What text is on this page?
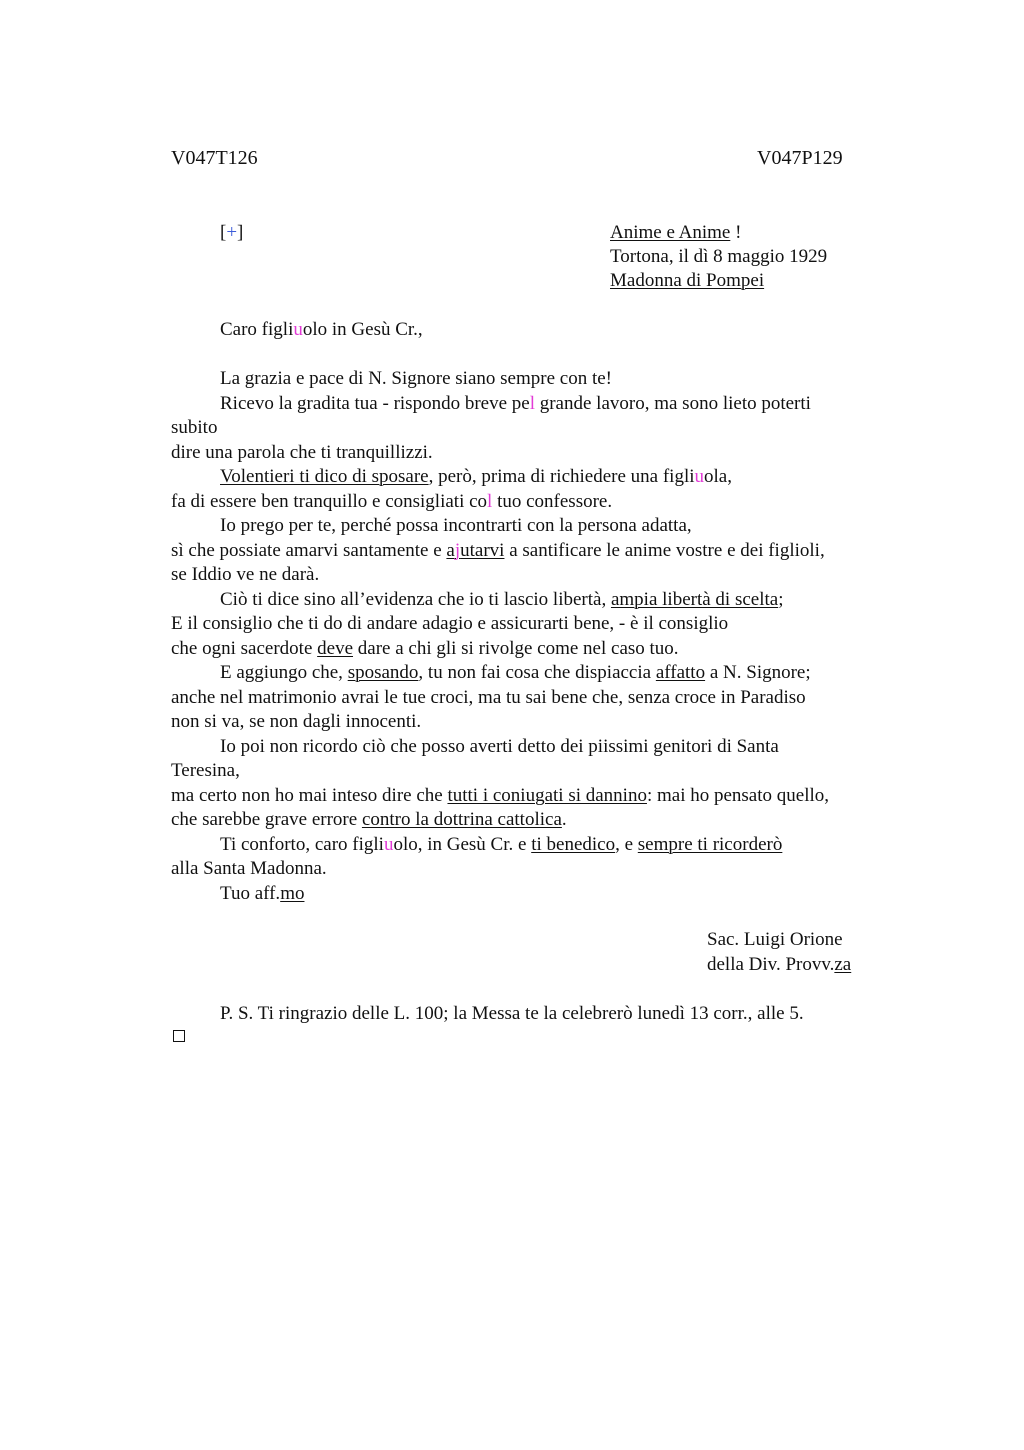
V047T126	V047P129
[+]	Anime e Anime !
Tortona, il dì 8 maggio 1929
Madonna di Pompei
Caro figliuolo in Gesù Cr.,
La grazia e pace di N. Signore siano sempre con te!
Ricevo la gradita tua - rispondo breve pel grande lavoro, ma sono lieto poterti
subito
dire una parola che ti tranquillizzi.
Volentieri ti dico di sposare, però, prima di richiedere una figliuola,
fa di essere ben tranquillo e consigliati col tuo confessore.
Io prego per te, perché possa incontrarti con la persona adatta,
sì che possiate amarvi santamente e ajutarvi a santificare le anime vostre e dei figlioli,
se Iddio ve ne darà.
Ciò ti dice sino all’evidenza che io ti lascio libertà, ampia libertà di scelta;
E il consiglio che ti do di andare adagio e assicurarti bene, - è il consiglio
che ogni sacerdote deve dare a chi gli si rivolge come nel caso tuo.
E aggiungo che, sposando, tu non fai cosa che dispiaccia affatto a N. Signore;
anche nel matrimonio avrai le tue croci, ma tu sai bene che, senza croce in Paradiso
non si va, se non dagli innocenti.
Io poi non ricordo ciò che posso averti detto dei piissimi genitori di Santa
Teresina,
ma certo non ho mai inteso dire che tutti i coniugati si dannino: mai ho pensato quello,
che sarebbe grave errore contro la dottrina cattolica.
Ti conforto, caro figliuolo, in Gesù Cr. e ti benedico, e sempre ti ricorderò
alla Santa Madonna.
Tuo aff.mo
Sac. Luigi Orione
della Div. Provv.za
P. S. Ti ringrazio delle L. 100; la Messa te la celebrerò lunedì 13 corr., alle 5.
